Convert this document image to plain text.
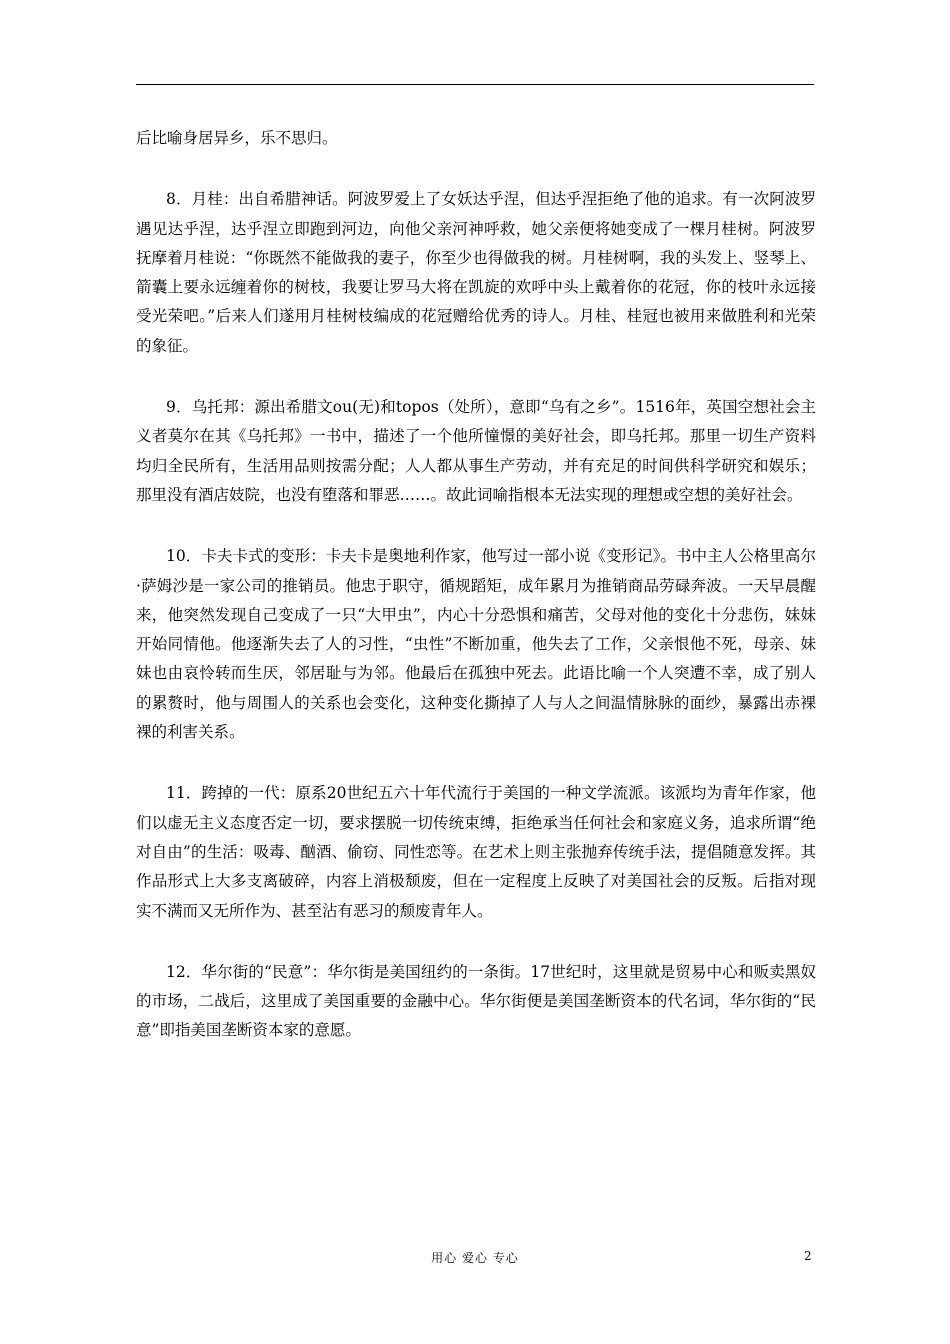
后比喻身居异乡，乐不思归。

8．月桂：出自希腊神话。阿波罗爱上了女妖达乎涅，但达乎涅拒绝了他的追求。有一次阿波罗遇见达乎涅，达乎涅立即跑到河边，向他父亲河神呼救，她父亲便将她变成了一棵月桂树。阿波罗抚摩着月桂说：“你既然不能做我的妻子，你至少也得做我的树。月桂树啊，我的头发上、竖琴上、箭囊上要永远缠着你的树枝，我要让罗马大将在凯旋的欢呼中头上戴着你的花冠，你的枝叶永远接受光荣吧。”后来人们遂用月桂树枝编成的花冠赠给优秀的诗人。月桂、桂冠也被用来做胜利和光荣的象征。

9．乌托邦：源出希腊文ou(无)和topos（处所），意即“乌有之乡”。1516年，英国空想社会主义者莫尔在其《乌托邦》一书中，描述了一个他所憧憬的美好社会，即乌托邦。那里一切生产资料均归全民所有，生活用品则按需分配；人人都从事生产劳动，并有充足的时间供科学研究和娱乐；那里没有酒店妓院，也没有堕落和罪恶……。故此词喻指根本无法实现的理想或空想的美好社会。

10．卡夫卡式的变形：卡夫卡是奥地利作家，他写过一部小说《变形记》。书中主人公格里高尔·萨姆沙是一家公司的推销员。他忠于职守，循规蹈矩，成年累月为推销商品劳碌奔波。一天早晨醒来，他突然发现自己变成了一只“大甲虫”，内心十分恐惧和痛苦，父母对他的变化十分悲伤，妹妹开始同情他。他逐渐失去了人的习性，“虫性”不断加重，他失去了工作，父亲恨他不死，母亲、妹妹也由哀怜转而生厌，邻居耻与为邻。他最后在孤独中死去。此语比喻一个人突遭不幸，成了别人的累赘时，他与周围人的关系也会变化，这种变化撕掉了人与人之间温情脉脉的面纱，暴露出赤裸裸的利害关系。

11．跨掉的一代：原系20世纪五六十年代流行于美国的一种文学流派。该派均为青年作家，他们以虚无主义态度否定一切，要求摆脱一切传统束缚，拒绝承当任何社会和家庭义务，追求所谓“绝对自由”的生活：吸毒、酗酒、偷窃、同性恋等。在艺术上则主张抛弃传统手法，提倡随意发挥。其作品形式上大多支离破碎，内容上消极颓废，但在一定程度上反映了对美国社会的反叛。后指对现实不满而又无所作为、甚至沾有恶习的颓废青年人。

12．华尔街的“民意”：华尔街是美国纽约的一条街。17世纪时，这里就是贸易中心和贩卖黑奴的市场，二战后，这里成了美国重要的金融中心。华尔街便是美国垄断资本的代名词，华尔街的“民意”即指美国垄断资本家的意愿。

用心 爱心 专心	2
